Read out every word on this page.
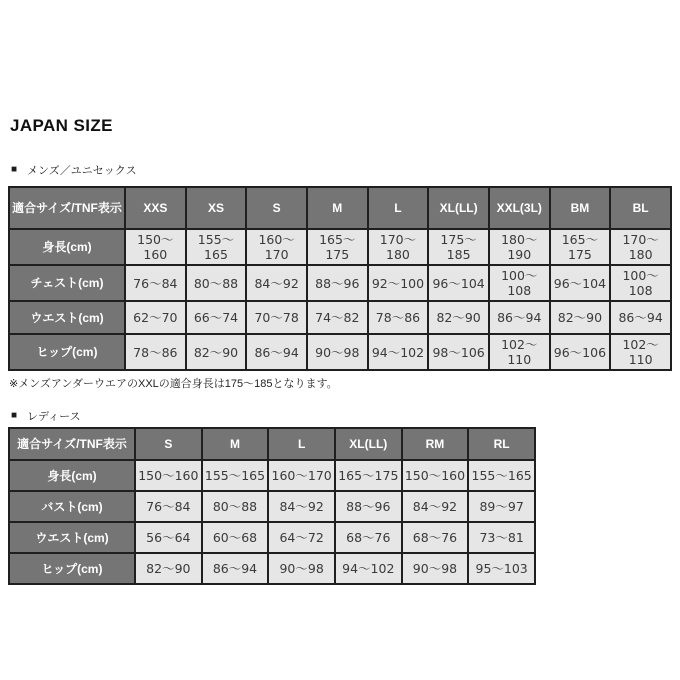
JAPAN SIZE
■ メンズ／ユニセックス
適合サイズ/TNF表示	XXS	XS	S	M	L	XL(LL)	XXL(3L)	BM	BL
身長(cm)	150〜160	155〜165	160〜170	165〜175	170〜180	175〜185	180〜190	165〜175	170〜180
チェスト(cm)	76〜84	80〜88	84〜92	88〜96	92〜100	96〜104	100〜108	96〜104	100〜108
ウエスト(cm)	62〜70	66〜74	70〜78	74〜82	78〜86	82〜90	86〜94	82〜90	86〜94
ヒップ(cm)	78〜86	82〜90	86〜94	90〜98	94〜102	98〜106	102〜110	96〜106	102〜110
※メンズアンダーウエアのXXLの適合身長は175〜185となります。
■ レディース
適合サイズ/TNF表示	S	M	L	XL(LL)	RM	RL
身長(cm)	150〜160	155〜165	160〜170	165〜175	150〜160	155〜165
バスト(cm)	76〜84	80〜88	84〜92	88〜96	84〜92	89〜97
ウエスト(cm)	56〜64	60〜68	64〜72	68〜76	68〜76	73〜81
ヒップ(cm)	82〜90	86〜94	90〜98	94〜102	90〜98	95〜103
